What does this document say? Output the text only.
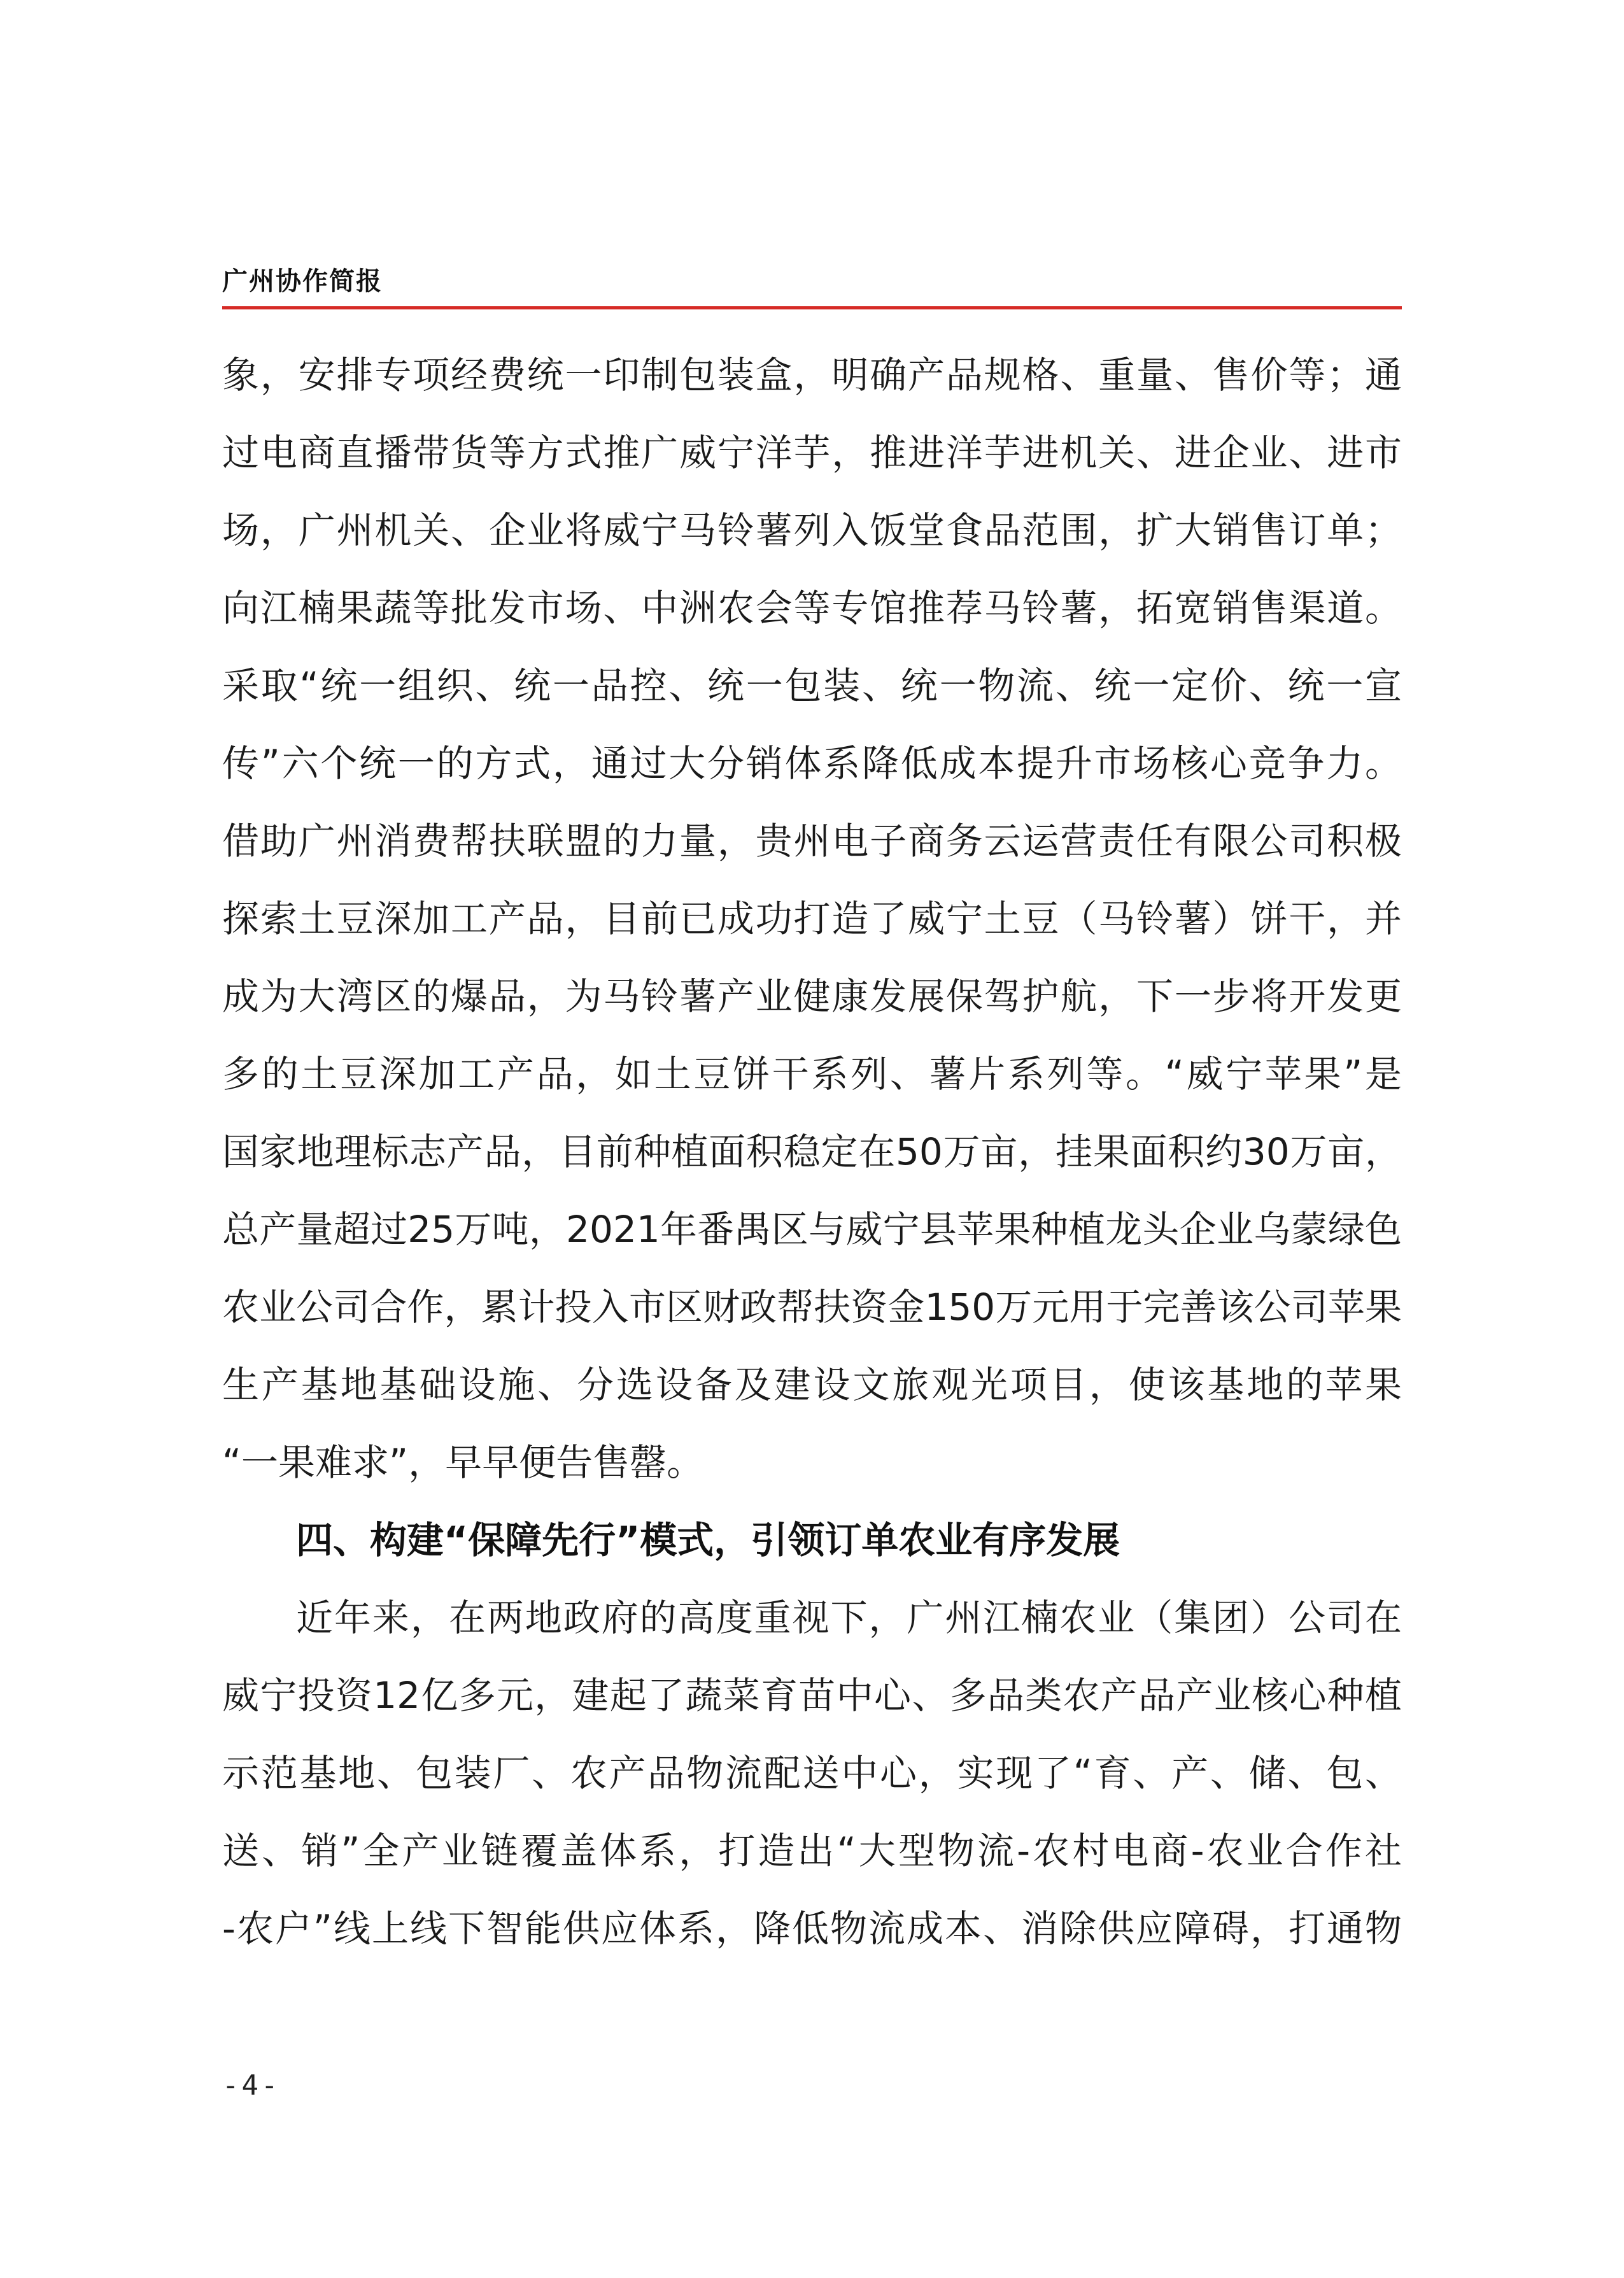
广州协作简报
象，安排专项经费统一印制包装盒，明确产品规格、重量、售价等；通
过电商直播带货等方式推广威宁洋芋，推进洋芋进机关、进企业、进市
场，广州机关、企业将威宁马铃薯列入饭堂食品范围，扩大销售订单；
向江楠果蔬等批发市场、中洲农会等专馆推荐马铃薯，拓宽销售渠道。
采取“统一组织、统一品控、统一包装、统一物流、统一定价、统一宣
传”六个统一的方式，通过大分销体系降低成本提升市场核心竞争力。
借助广州消费帮扶联盟的力量，贵州电子商务云运营责任有限公司积极
探索土豆深加工产品，目前已成功打造了威宁土豆（马铃薯）饼干，并
成为大湾区的爆品，为马铃薯产业健康发展保驾护航，下一步将开发更
多的土豆深加工产品，如土豆饼干系列、薯片系列等。“威宁苹果”是
国家地理标志产品，目前种植面积稳定在50万亩，挂果面积约30万亩，
总产量超过25万吨，2021年番禺区与威宁县苹果种植龙头企业乌蒙绿色
农业公司合作，累计投入市区财政帮扶资金150万元用于完善该公司苹果
生产基地基础设施、分选设备及建设文旅观光项目，使该基地的苹果
“一果难求”，早早便告售罄。
四、构建“保障先行”模式，引领订单农业有序发展
近年来，在两地政府的高度重视下，广州江楠农业（集团）公司在
威宁投资12亿多元，建起了蔬菜育苗中心、多品类农产品产业核心种植
示范基地、包装厂、农产品物流配送中心，实现了“育、产、储、包、
送、销”全产业链覆盖体系，打造出“大型物流-农村电商-农业合作社
-农户”线上线下智能供应体系，降低物流成本、消除供应障碍，打通物
-4-
